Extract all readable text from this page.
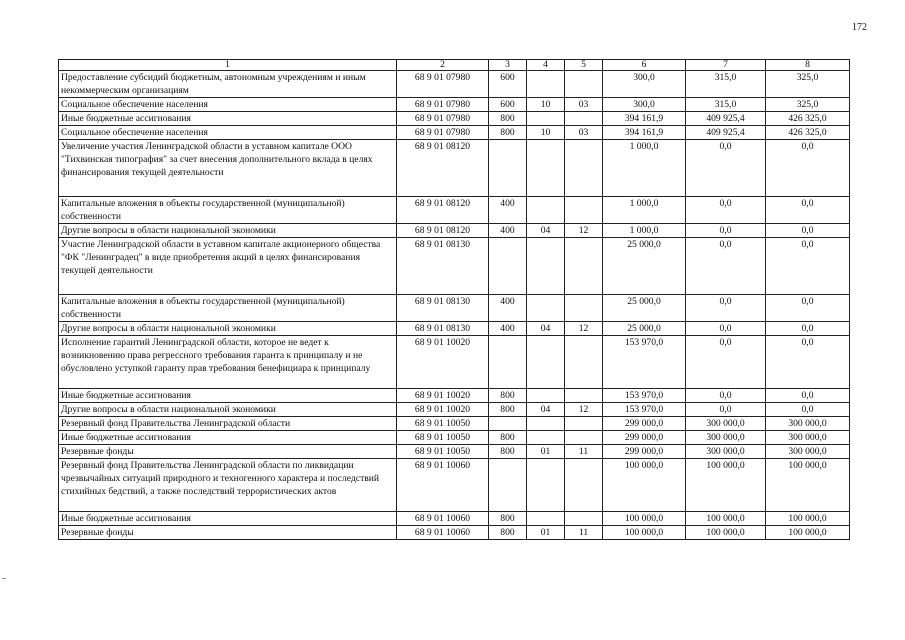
172
1	2	3	4	5	6	7	8
Предоставление субсидий бюджетным, автономным учреждениям и иным некоммерческим организациям	68 9 01 07980	600			300,0	315,0	325,0
Социальное обеспечение населения	68 9 01 07980	600	10	03	300,0	315,0	325,0
Иные бюджетные ассигнования	68 9 01 07980	800			394 161,9	409 925,4	426 325,0
Социальное обеспечение населения	68 9 01 07980	800	10	03	394 161,9	409 925,4	426 325,0
Увеличение участия Ленинградской области в уставном капитале ООО "Тихвинская типография" за счет внесения дополнительного вклада в целях финансирования текущей деятельности	68 9 01 08120				1 000,0	0,0	0,0
Капитальные вложения в объекты государственной (муниципальной) собственности	68 9 01 08120	400			1 000,0	0,0	0,0
Другие вопросы в области национальной экономики	68 9 01 08120	400	04	12	1 000,0	0,0	0,0
Участие Ленинградской области в уставном капитале акционерного общества "ФК "Ленинградец" в виде приобретения акций в целях финансирования текущей деятельности	68 9 01 08130				25 000,0	0,0	0,0
Капитальные вложения в объекты государственной (муниципальной) собственности	68 9 01 08130	400			25 000,0	0,0	0,0
Другие вопросы в области национальной экономики	68 9 01 08130	400	04	12	25 000,0	0,0	0,0
Исполнение гарантий Ленинградской области, которое не ведет к возникновению права регрессного требования гаранта к принципалу и не обусловлено уступкой гаранту прав требования бенефициара к принципалу	68 9 01 10020				153 970,0	0,0	0,0
Иные бюджетные ассигнования	68 9 01 10020	800			153 970,0	0,0	0,0
Другие вопросы в области национальной экономики	68 9 01 10020	800	04	12	153 970,0	0,0	0,0
Резервный фонд Правительства Ленинградской области	68 9 01 10050				299 000,0	300 000,0	300 000,0
Иные бюджетные ассигнования	68 9 01 10050	800			299 000,0	300 000,0	300 000,0
Резервные фонды	68 9 01 10050	800	01	11	299 000,0	300 000,0	300 000,0
Резервный фонд Правительства Ленинградской области по ликвидации чрезвычайных ситуаций природного и техногенного характера и последствий стихийных бедствий, а также последствий террористических актов	68 9 01 10060				100 000,0	100 000,0	100 000,0
Иные бюджетные ассигнования	68 9 01 10060	800			100 000,0	100 000,0	100 000,0
Резервные фонды	68 9 01 10060	800	01	11	100 000,0	100 000,0	100 000,0
